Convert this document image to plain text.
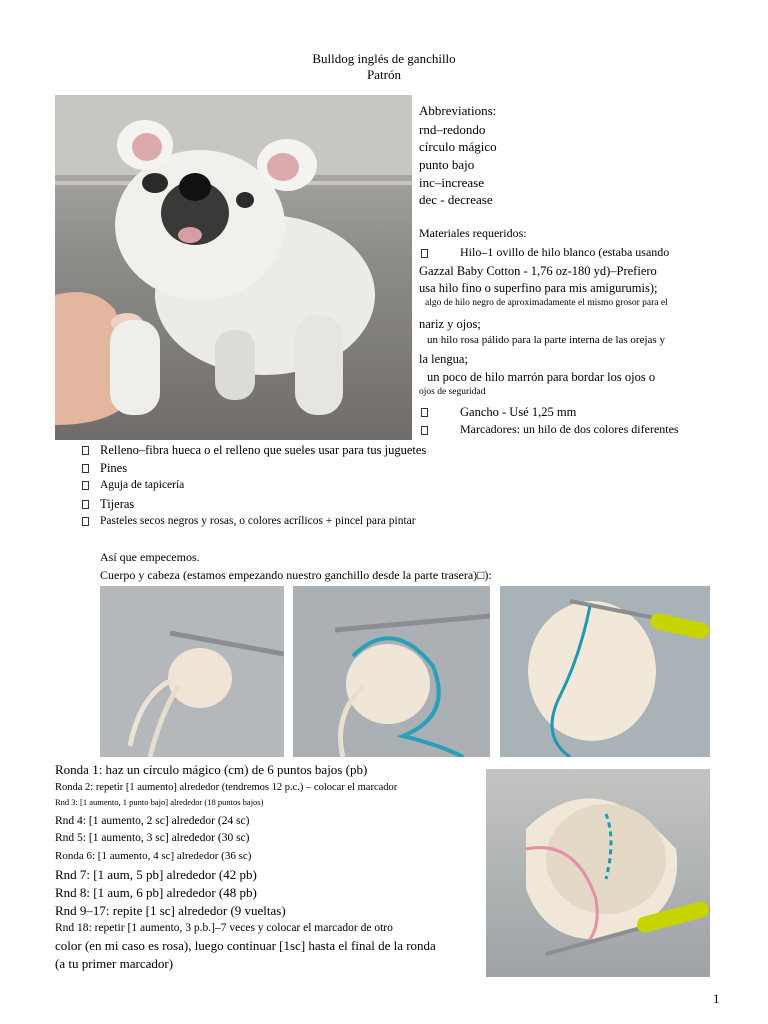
Bulldog inglés de ganchillo
Patrón
Abbreviations:
rnd–redondo
círculo mágico
punto bajo
inc–increase
dec - decrease
Materiales requeridos:
Hilo–1 ovillo de hilo blanco (estaba usando
Gazzal Baby Cotton - 1,76 oz-180 yd)–Prefiero
usa hilo fino o superfino para mis amigurumis);
algo de hilo negro de aproximadamente el mismo grosor para el
nariz y ojos;
un hilo rosa pálido para la parte interna de las orejas y
la lengua;
un poco de hilo marrón para bordar los ojos o
ojos de seguridad
Gancho - Usé 1,25 mm
Marcadores: un hilo de dos colores diferentes
Relleno–fibra hueca o el relleno que sueles usar para tus juguetes
Pines
Aguja de tapicería
Tijeras
Pasteles secos negros y rosas, o colores acrílicos + pincel para pintar
Así que empecemos.
Cuerpo y cabeza (estamos empezando nuestro ganchillo desde la parte trasera)□):
Ronda 1: haz un círculo mágico (cm) de 6 puntos bajos (pb)
Ronda 2: repetir [1 aumento] alrededor (tendremos 12 p.c.) – colocar el marcador
Rnd 3: [1 aumento, 1 punto bajo] alrededor (18 puntos bajos)
Rnd 4: [1 aumento, 2 sc] alrededor (24 sc)
Rnd 5: [1 aumento, 3 sc] alrededor (30 sc)
Ronda 6: [1 aumento, 4 sc] alrededor (36 sc)
Rnd 7: [1 aum, 5 pb] alrededor (42 pb)
Rnd 8: [1 aum, 6 pb] alrededor (48 pb)
Rnd 9–17: repite [1 sc] alrededor (9 vueltas)
Rnd 18: repetir [1 aumento, 3 p.b.]–7 veces y colocar el marcador de otro
color (en mi caso es rosa), luego continuar [1sc] hasta el final de la ronda
(a tu primer marcador)
1
